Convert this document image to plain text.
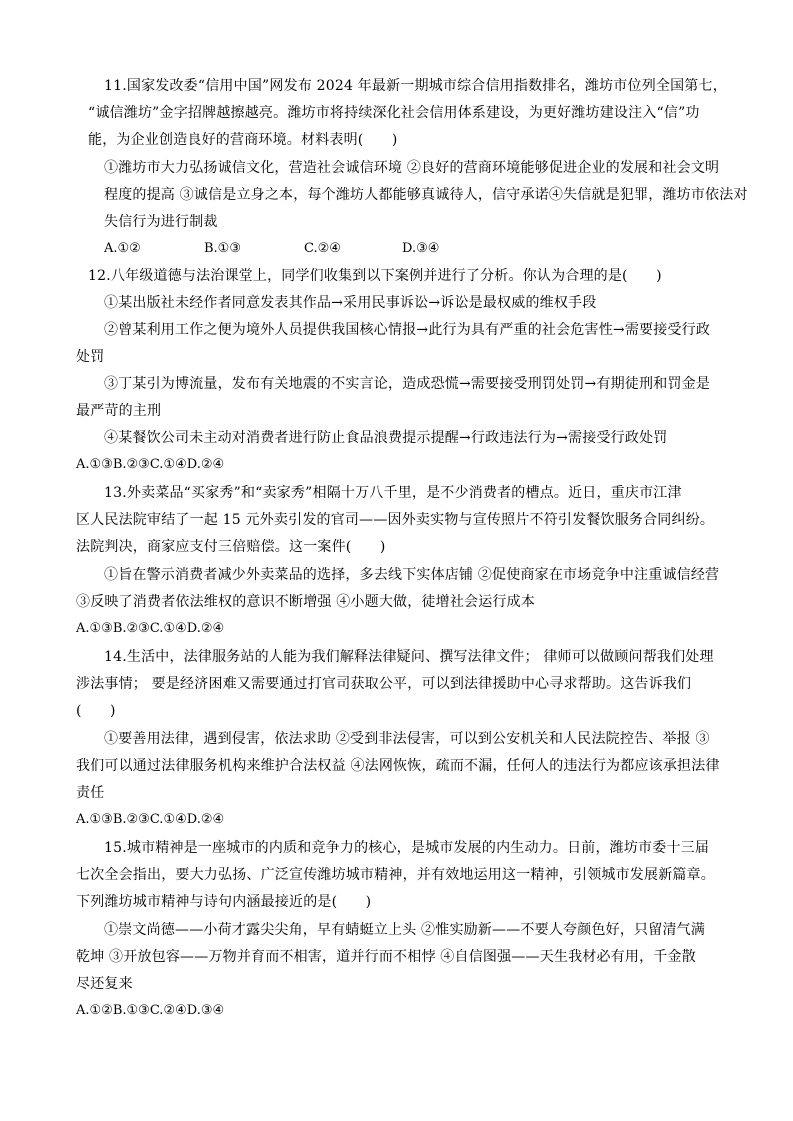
11.国家发改委“信用中国”网发布 2024 年最新一期城市综合信用指数排名，潍坊市位列全国第七，
“诚信潍坊”金字招牌越擦越亮。潍坊市将持续深化社会信用体系建设，为更好潍坊建设注入“信”功
能，为企业创造良好的营商环境。材料表明(　　)
①潍坊市大力弘扬诚信文化，营造社会诚信环境 ②良好的营商环境能够促进企业的发展和社会文明
程度的提高 ③诚信是立身之本，每个潍坊人都能够真诚待人，信守承诺④失信就是犯罪，潍坊市依法对
失信行为进行制裁
A.①②	B.①③	C.②④	D.③④
12.八年级道德与法治课堂上，同学们收集到以下案例并进行了分析。你认为合理的是(　　)
①某出版社未经作者同意发表其作品→采用民事诉讼→诉讼是最权威的维权手段
②曾某利用工作之便为境外人员提供我国核心情报→此行为具有严重的社会危害性→需要接受行政
处罚
③丁某引为博流量，发布有关地震的不实言论，造成恐慌→需要接受刑罚处罚→有期徒刑和罚金是
最严苛的主刑
④某餐饮公司未主动对消费者进行防止食品浪费提示提醒→行政违法行为→需接受行政处罚
A.①③B.②③C.①④D.②④
13.外卖菜品“买家秀”和“卖家秀”相隔十万八千里，是不少消费者的槽点。近日，重庆市江津
区人民法院审结了一起 15 元外卖引发的官司——因外卖实物与宣传照片不符引发餐饮服务合同纠纷。
法院判决，商家应支付三倍赔偿。这一案件(　　)
①旨在警示消费者减少外卖菜品的选择，多去线下实体店铺 ②促使商家在市场竞争中注重诚信经营
③反映了消费者依法维权的意识不断增强 ④小题大做，徒增社会运行成本
A.①③B.②③C.①④D.②④
14.生活中，法律服务站的人能为我们解释法律疑问、撰写法律文件； 律师可以做顾问帮我们处理
涉法事情； 要是经济困难又需要通过打官司获取公平，可以到法律援助中心寻求帮助。这告诉我们
(　　)
①要善用法律，遇到侵害，依法求助 ②受到非法侵害，可以到公安机关和人民法院控告、举报 ③
我们可以通过法律服务机构来维护合法权益 ④法网恢恢，疏而不漏，任何人的违法行为都应该承担法律
责任
A.①③B.②③C.①④D.②④
15.城市精神是一座城市的内质和竞争力的核心，是城市发展的内生动力。日前，潍坊市委十三届
七次全会指出，要大力弘扬、广泛宣传潍坊城市精神，并有效地运用这一精神，引领城市发展新篇章。
下列潍坊城市精神与诗句内涵最接近的是(　　)
①崇文尚德——小荷才露尖尖角，早有蜻蜓立上头 ②惟实励新——不要人夸颜色好，只留清气满
乾坤 ③开放包容——万物并育而不相害，道并行而不相悖 ④自信图强——天生我材必有用，千金散
尽还复来
A.①②B.①③C.②④D.③④
